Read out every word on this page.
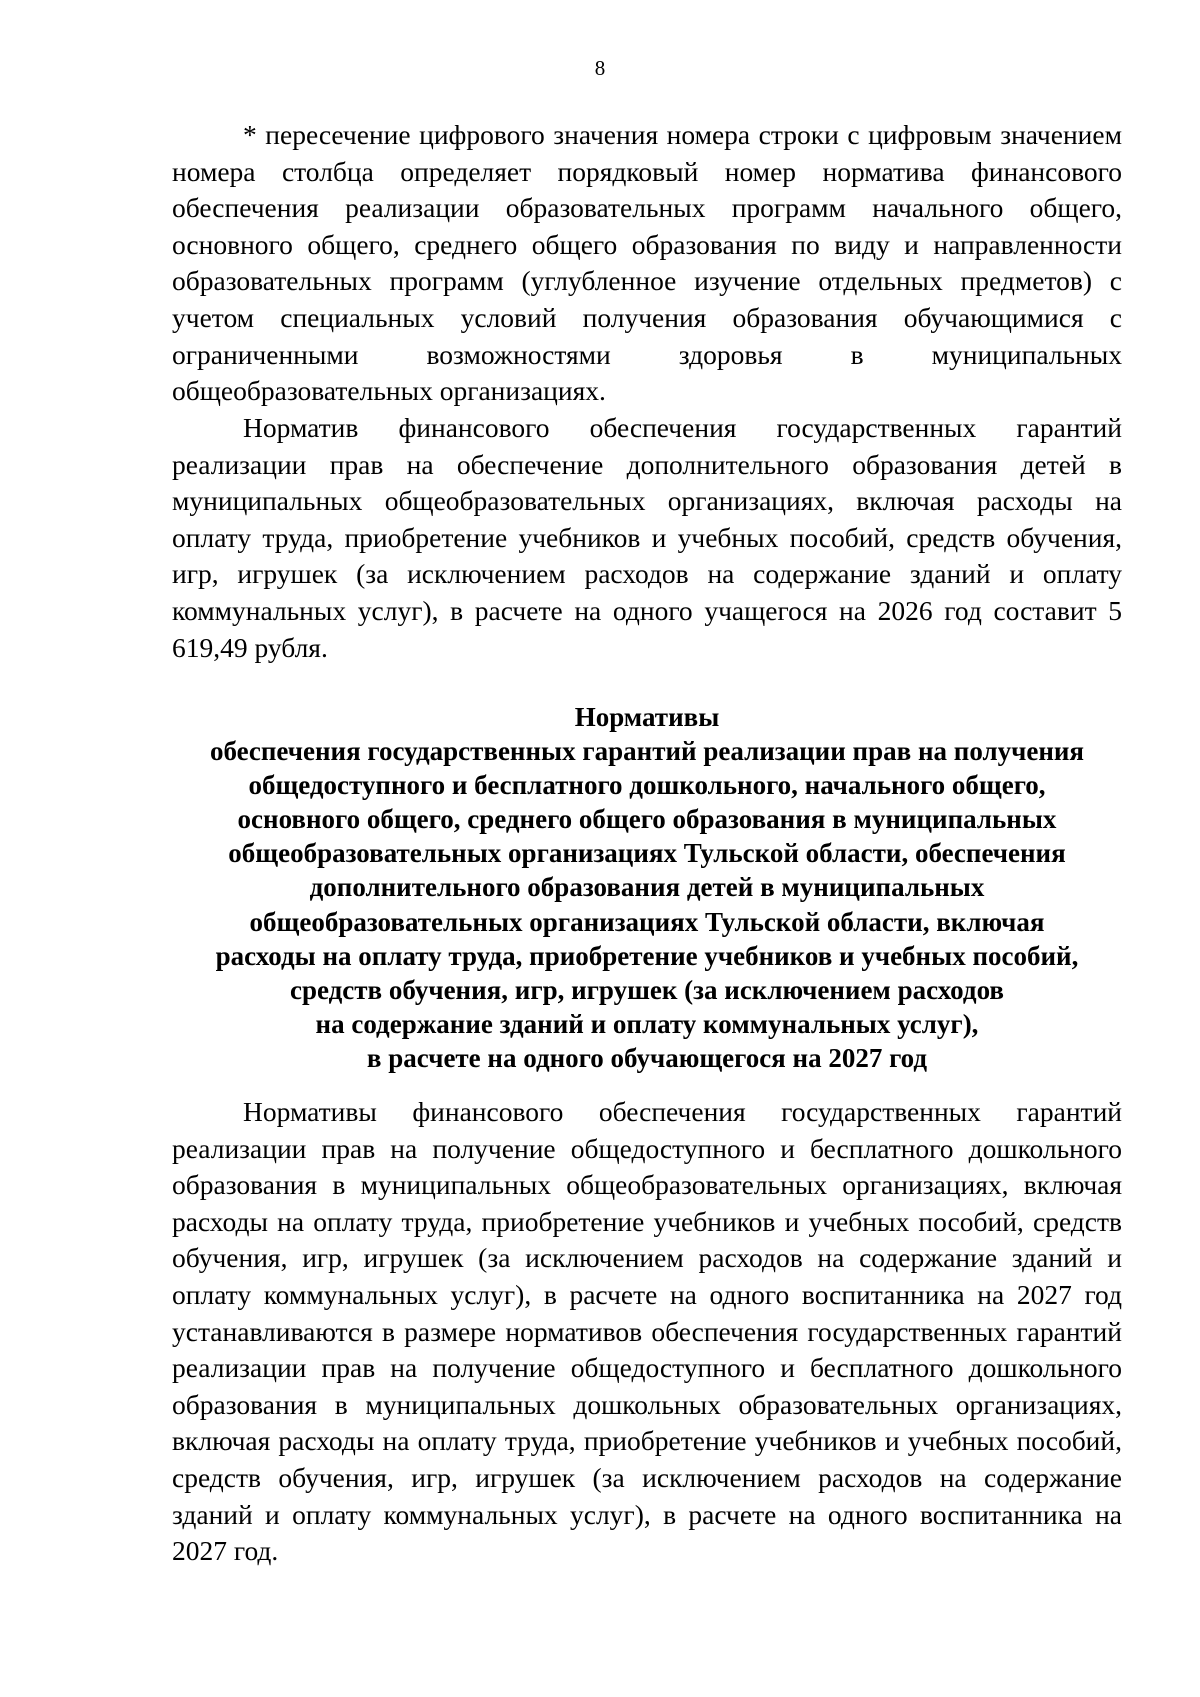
8

* пересечение цифрового значения номера строки с цифровым значением номера столбца определяет порядковый номер норматива финансового обеспечения реализации образовательных программ начального общего, основного общего, среднего общего образования по виду и направленности образовательных программ (углубленное изучение отдельных предметов) с учетом специальных условий получения образования обучающимися с ограниченными возможностями здоровья в муниципальных общеобразовательных организациях.

Норматив финансового обеспечения государственных гарантий реализации прав на обеспечение дополнительного образования детей в муниципальных общеобразовательных организациях, включая расходы на оплату труда, приобретение учебников и учебных пособий, средств обучения, игр, игрушек (за исключением расходов на содержание зданий и оплату коммунальных услуг), в расчете на одного учащегося на 2026 год составит 5 619,49 рубля.

Нормативы
обеспечения государственных гарантий реализации прав на получения
общедоступного и бесплатного дошкольного, начального общего,
основного общего, среднего общего образования в муниципальных
общеобразовательных организациях Тульской области, обеспечения
дополнительного образования детей в муниципальных
общеобразовательных организациях Тульской области, включая
расходы на оплату труда, приобретение учебников и учебных пособий,
средств обучения, игр, игрушек (за исключением расходов
на содержание зданий и оплату коммунальных услуг),
в расчете на одного обучающегося на 2027 год

Нормативы финансового обеспечения государственных гарантий реализации прав на получение общедоступного и бесплатного дошкольного образования в муниципальных общеобразовательных организациях, включая расходы на оплату труда, приобретение учебников и учебных пособий, средств обучения, игр, игрушек (за исключением расходов на содержание зданий и оплату коммунальных услуг), в расчете на одного воспитанника на 2027 год устанавливаются в размере нормативов обеспечения государственных гарантий реализации прав на получение общедоступного и бесплатного дошкольного образования в муниципальных дошкольных образовательных организациях, включая расходы на оплату труда, приобретение учебников и учебных пособий, средств обучения, игр, игрушек (за исключением расходов на содержание зданий и оплату коммунальных услуг), в расчете на одного воспитанника на 2027 год.
